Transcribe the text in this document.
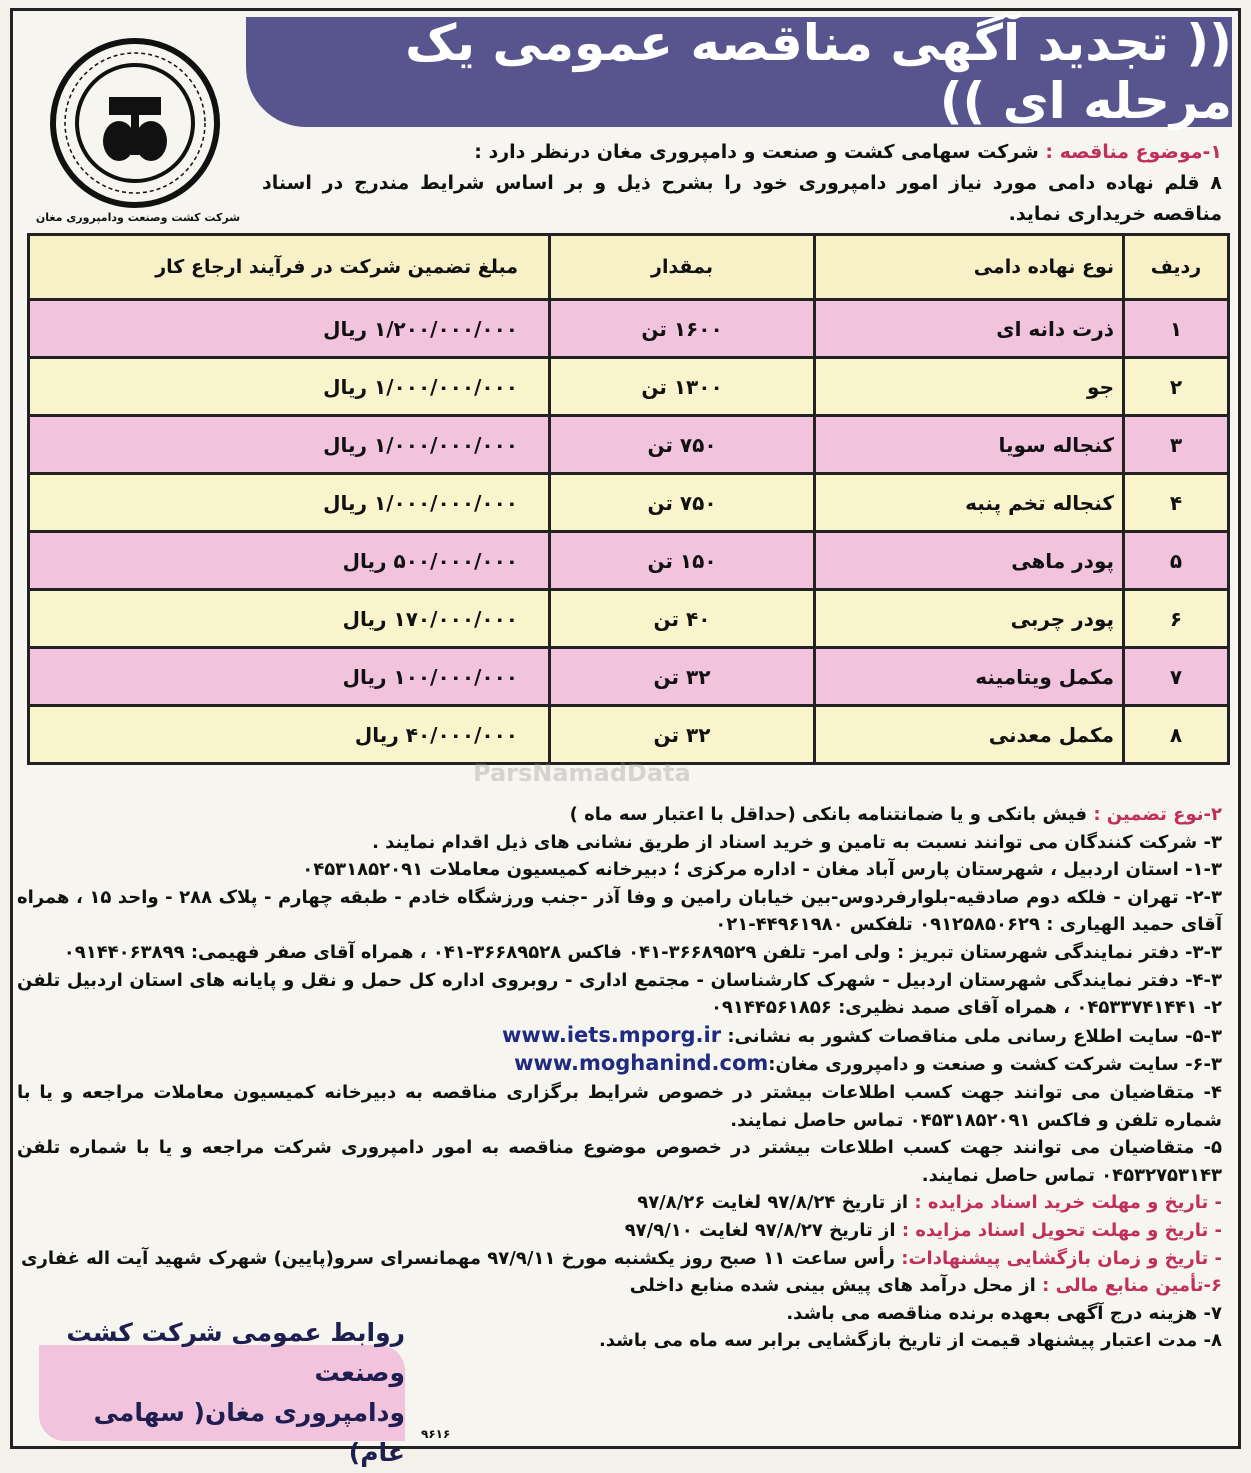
(( تجدید آگهی مناقصه عمومی یک مرحله ای ))
شرکت کشت وصنعت ودامپروری مغان
۱-موضوع مناقصه : شرکت سهامی کشت و صنعت و دامپروری مغان درنظر دارد :
۸ قلم نهاده دامی مورد نیاز امور دامپروری خود را بشرح ذیل و بر اساس شرایط مندرج در اسناد مناقصه خریداری نماید.
ردیف	نوع نهاده دامی	بمقدار	مبلغ تضمین شرکت در فرآیند ارجاع کار
۱	ذرت دانه ای	۱۶۰۰ تن	۱/۲۰۰/۰۰۰/۰۰۰ ریال
۲	جو	۱۳۰۰ تن	۱/۰۰۰/۰۰۰/۰۰۰ ریال
۳	کنجاله سویا	۷۵۰ تن	۱/۰۰۰/۰۰۰/۰۰۰ ریال
۴	کنجاله تخم پنبه	۷۵۰ تن	۱/۰۰۰/۰۰۰/۰۰۰ ریال
۵	پودر ماهی	۱۵۰ تن	۵۰۰/۰۰۰/۰۰۰ ریال
۶	پودر چربی	۴۰ تن	۱۷۰/۰۰۰/۰۰۰ ریال
۷	مکمل ویتامینه	۳۲ تن	۱۰۰/۰۰۰/۰۰۰ ریال
۸	مکمل معدنی	۳۲ تن	۴۰/۰۰۰/۰۰۰ ریال
ParsNamadData

۲-نوع تضمین : فیش بانکی و یا ضمانتنامه بانکی (حداقل با اعتبار سه ماه )

۳- شرکت کنندگان می توانند نسبت به تامین و خرید اسناد از طریق نشانی های ذیل اقدام نمایند .

۱-۳- استان اردبیل ، شهرستان پارس آباد مغان - اداره مرکزی ؛ دبیرخانه کمیسیون معاملات ۰۴۵۳۱۸۵۲۰۹۱

۲-۳- تهران - فلکه دوم صادقیه-بلوارفردوس-بین خیابان رامین و وفا آذر -جنب ورزشگاه خادم - طبقه چهارم - پلاک ۲۸۸ - واحد ۱۵ ، همراه آقای حمید الهیاری : ۰۹۱۲۵۸۵۰۶۲۹ تلفکس ۴۴۹۶۱۹۸۰-۰۲۱

۳-۳- دفتر نمایندگی شهرستان تبریز : ولی امر- تلفن ۳۶۶۸۹۵۲۹-۰۴۱ فاکس ۳۶۶۸۹۵۲۸-۰۴۱ ، همراه آقای صفر فهیمی: ۰۹۱۴۴۰۶۳۸۹۹

۴-۳- دفتر نمایندگی شهرستان اردبیل - شهرک کارشناسان - مجتمع اداری - روبروی اداره کل حمل و نقل و پایانه های استان اردبیل تلفن ۲- ۰۴۵۳۳۷۴۱۴۴۱ ، همراه آقای صمد نظیری: ۰۹۱۴۴۵۶۱۸۵۶

۵-۳- سایت اطلاع رسانی ملی مناقصات کشور به نشانی: www.iets.mporg.ir

۶-۳- سایت شرکت کشت و صنعت و دامپروری مغان:www.moghanind.com

۴- متقاضیان می توانند جهت کسب اطلاعات بیشتر در خصوص شرایط برگزاری مناقصه به دبیرخانه کمیسیون معاملات مراجعه و یا با شماره تلفن و فاکس ۰۴۵۳۱۸۵۲۰۹۱ تماس حاصل نمایند.

۵- متقاضیان می توانند جهت کسب اطلاعات بیشتر در خصوص موضوع مناقصه به امور دامپروری شرکت مراجعه و یا با شماره تلفن ۰۴۵۳۲۷۵۳۱۴۳ تماس حاصل نمایند.

- تاریخ و مهلت خرید اسناد مزایده : از تاریخ ۹۷/۸/۲۴ لغایت ۹۷/۸/۲۶

- تاریخ و مهلت تحویل اسناد مزایده : از تاریخ ۹۷/۸/۲۷ لغایت ۹۷/۹/۱۰

- تاریخ و زمان بازگشایی پیشنهادات: رأس ساعت ۱۱ صبح روز یکشنبه مورخ ۹۷/۹/۱۱ مهمانسرای سرو(پایین) شهرک شهید آیت اله غفاری

۶-تأمین منابع مالی : از محل درآمد های پیش بینی شده منابع داخلی

۷- هزینه درج آگهی بعهده برنده مناقصه می باشد.

۸- مدت اعتبار پیشنهاد قیمت از تاریخ بازگشایی برابر سه ماه می باشد.

روابط عمومی شرکت کشت وصنعت
ودامپروری مغان( سهامی عام)
۹۶۱۶
